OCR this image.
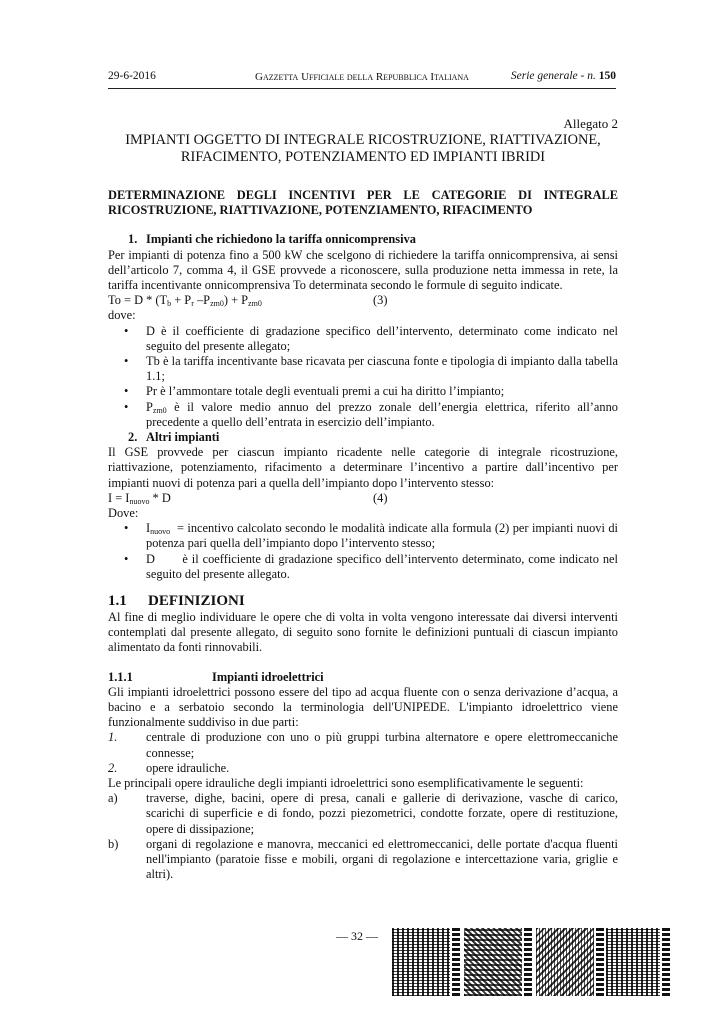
29-6-2016	Gazzetta Ufficiale della Repubblica Italiana	Serie generale - n. 150

Allegato 2

IMPIANTI OGGETTO DI INTEGRALE RICOSTRUZIONE, RIATTIVAZIONE,

RIFACIMENTO, POTENZIAMENTO ED IMPIANTI IBRIDI

DETERMINAZIONE DEGLI INCENTIVI PER LE CATEGORIE DI INTEGRALE RICOSTRUZIONE, RIATTIVAZIONE, POTENZIAMENTO, RIFACIMENTO

1. Impianti che richiedono la tariffa onnicomprensiva

Per impianti di potenza fino a 500 kW che scelgono di richiedere la tariffa onnicomprensiva, ai sensi dell’articolo 7, comma 4, il GSE provvede a riconoscere, sulla produzione netta immessa in rete, la tariffa incentivante onnicomprensiva To determinata secondo le formule di seguito indicate.

$To = D * (T_b + P_r$ $-P_{zm0}) + P_{zm0}$	(3)

dove:

• D è il coefficiente di gradazione specifico dell’intervento, determinato come indicato nel seguito del presente allegato;
• Tb è la tariffa incentivante base ricavata per ciascuna fonte e tipologia di impianto dalla tabella 1.1;
• Pr è l’ammontare totale degli eventuali premi a cui ha diritto l’impianto;
• $P_{zm0}$ è il valore medio annuo del prezzo zonale dell’energia elettrica, riferito all’anno precedente a quello dell’entrata in esercizio dell’impianto.

2. Altri impianti

Il GSE provvede per ciascun impianto ricadente nelle categorie di integrale ricostruzione, riattivazione, potenziamento, rifacimento a determinare l’incentivo a partire dall’incentivo per impianti nuovi di potenza pari a quella dell’impianto dopo l’intervento stesso:

$I = I_{nuovo} * D$	(4)

Dove:

• $I_{nuovo}$  = incentivo calcolato secondo le modalità indicate alla formula (2) per impianti nuovi di potenza pari quella dell’impianto dopo l’intervento stesso;
• D       è il coefficiente di gradazione specifico dell’intervento determinato, come indicato nel seguito del presente allegato.

1.1 DEFINIZIONI

Al fine di meglio individuare le opere che di volta in volta vengono interessate dai diversi interventi contemplati dal presente allegato, di seguito sono fornite le definizioni puntuali di ciascun impianto alimentato da fonti rinnovabili.

1.1.1	Impianti idroelettrici

Gli impianti idroelettrici possono essere del tipo ad acqua fluente con o senza derivazione d’acqua, a bacino e a serbatoio secondo la terminologia dell'UNIPEDE. L'impianto idroelettrico viene funzionalmente suddiviso in due parti:

1. centrale di produzione con uno o più gruppi turbina alternatore e opere elettromeccaniche connesse;
2. opere idrauliche.

Le principali opere idrauliche degli impianti idroelettrici sono esemplificativamente le seguenti:

a) traverse, dighe, bacini, opere di presa, canali e gallerie di derivazione, vasche di carico, scarichi di superficie e di fondo, pozzi piezometrici, condotte forzate, opere di restituzione, opere di dissipazione;
b) organi di regolazione e manovra, meccanici ed elettromeccanici, delle portate d'acqua fluenti nell'impianto (paratoie fisse e mobili, organi di regolazione e intercettazione varia, griglie e altri).
— 32 —
